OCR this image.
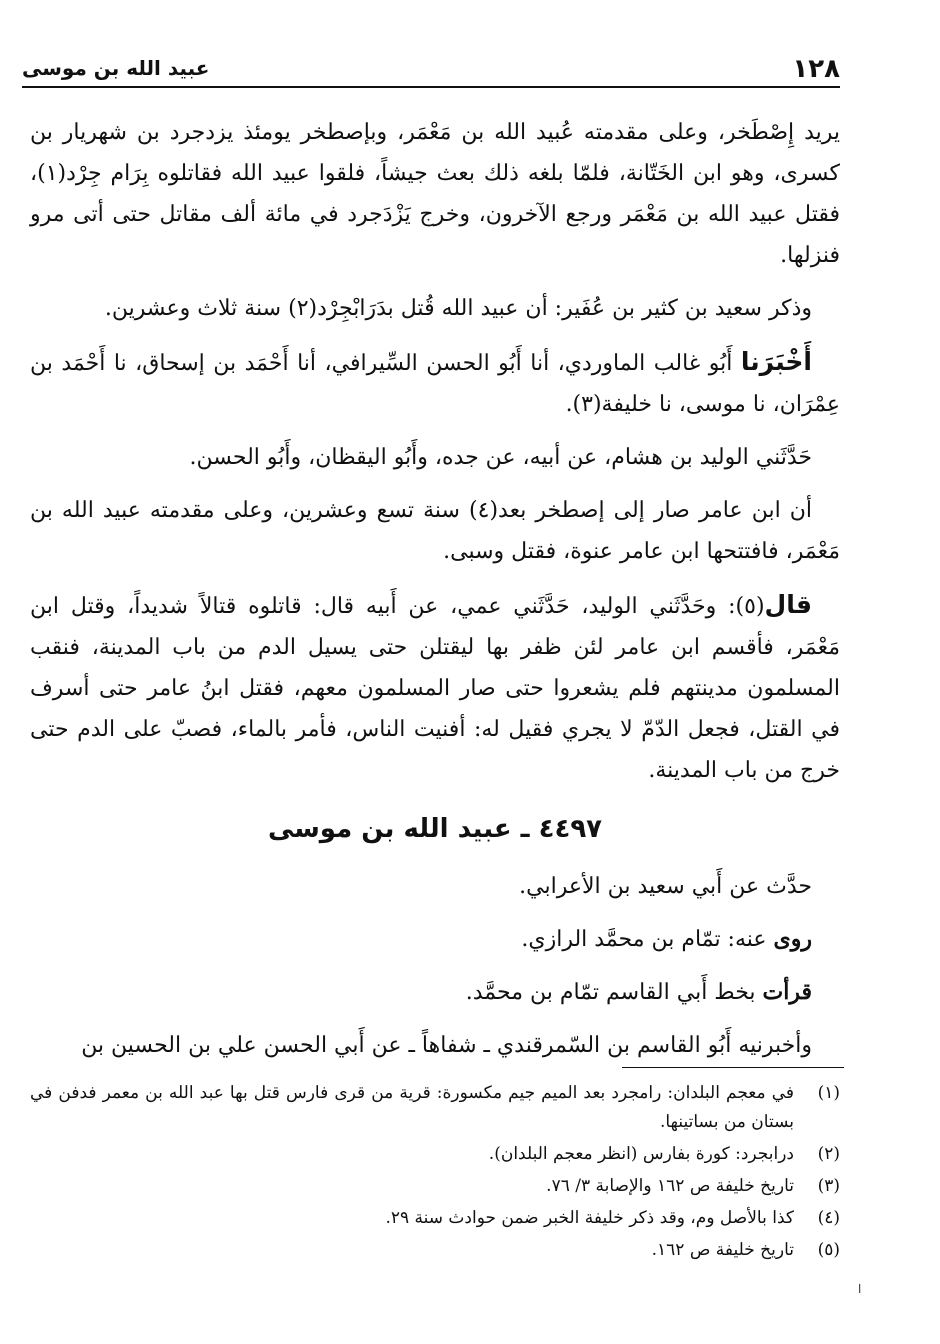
١٢٨
عبيد الله بن موسى

يريد إِصْطَخر، وعلى مقدمته عُبيد الله بن مَعْمَر، وبإصطخر يومئذ يزدجرد بن شهريار بن كسرى، وهو ابن الخَتّانة، فلمّا بلغه ذلك بعث جيشاً، فلقوا عبيد الله فقاتلوه بِرَام جِرْد(١)، فقتل عبيد الله بن مَعْمَر ورجع الآخرون، وخرج يَزْدَجرد في مائة ألف مقاتل حتى أتى مرو فنزلها.

وذكر سعيد بن كثير بن عُفَير: أن عبيد الله قُتل بدَرَابْجِرْد(٢) سنة ثلاث وعشرين.

أَخْبَرَنا أَبُو غالب الماوردي، أنا أَبُو الحسن السِّيرافي، أنا أَحْمَد بن إسحاق، نا أَحْمَد بن عِمْرَان، نا موسى، نا خليفة(٣).

حَدَّثَني الوليد بن هشام، عن أبيه، عن جده، وأَبُو اليقظان، وأَبُو الحسن.

أن ابن عامر صار إلى إصطخر بعد(٤) سنة تسع وعشرين، وعلى مقدمته عبيد الله بن مَعْمَر، فافتتحها ابن عامر عنوة، فقتل وسبى.

قال(٥): وحَدَّثَني الوليد، حَدَّثَني عمي، عن أَبيه قال: قاتلوه قتالاً شديداً، وقتل ابن مَعْمَر، فأقسم ابن عامر لئن ظفر بها ليقتلن حتى يسيل الدم من باب المدينة، فنقب المسلمون مدينتهم فلم يشعروا حتى صار المسلمون معهم، فقتل ابنُ عامر حتى أسرف في القتل، فجعل الدّمّ لا يجري فقيل له: أفنيت الناس، فأمر بالماء، فصبّ على الدم حتى خرج من باب المدينة.

٤٤٩٧ ـ عبيد الله بن موسى

حدَّث عن أَبي سعيد بن الأعرابي.

روى عنه: تمّام بن محمَّد الرازي.

قرأت بخط أَبي القاسم تمّام بن محمَّد.

وأخبرنيه أَبُو القاسم بن السّمرقندي ـ شفاهاً ـ عن أَبي الحسن علي بن الحسين بن

(١)
في معجم البلدان: رامجرد بعد الميم جيم مكسورة: قرية من قرى فارس قتل بها عبد الله بن معمر فدفن في بستان من بساتينها.
(٢)
درابجرد: كورة بفارس (انظر معجم البلدان).
(٣)
تاريخ خليفة ص ١٦٢ والإصابة ٣/ ٧٦.
(٤)
كذا بالأصل وم، وقد ذكر خليفة الخبر ضمن حوادث سنة ٢٩.
(٥)
تاريخ خليفة ص ١٦٢.
ا
